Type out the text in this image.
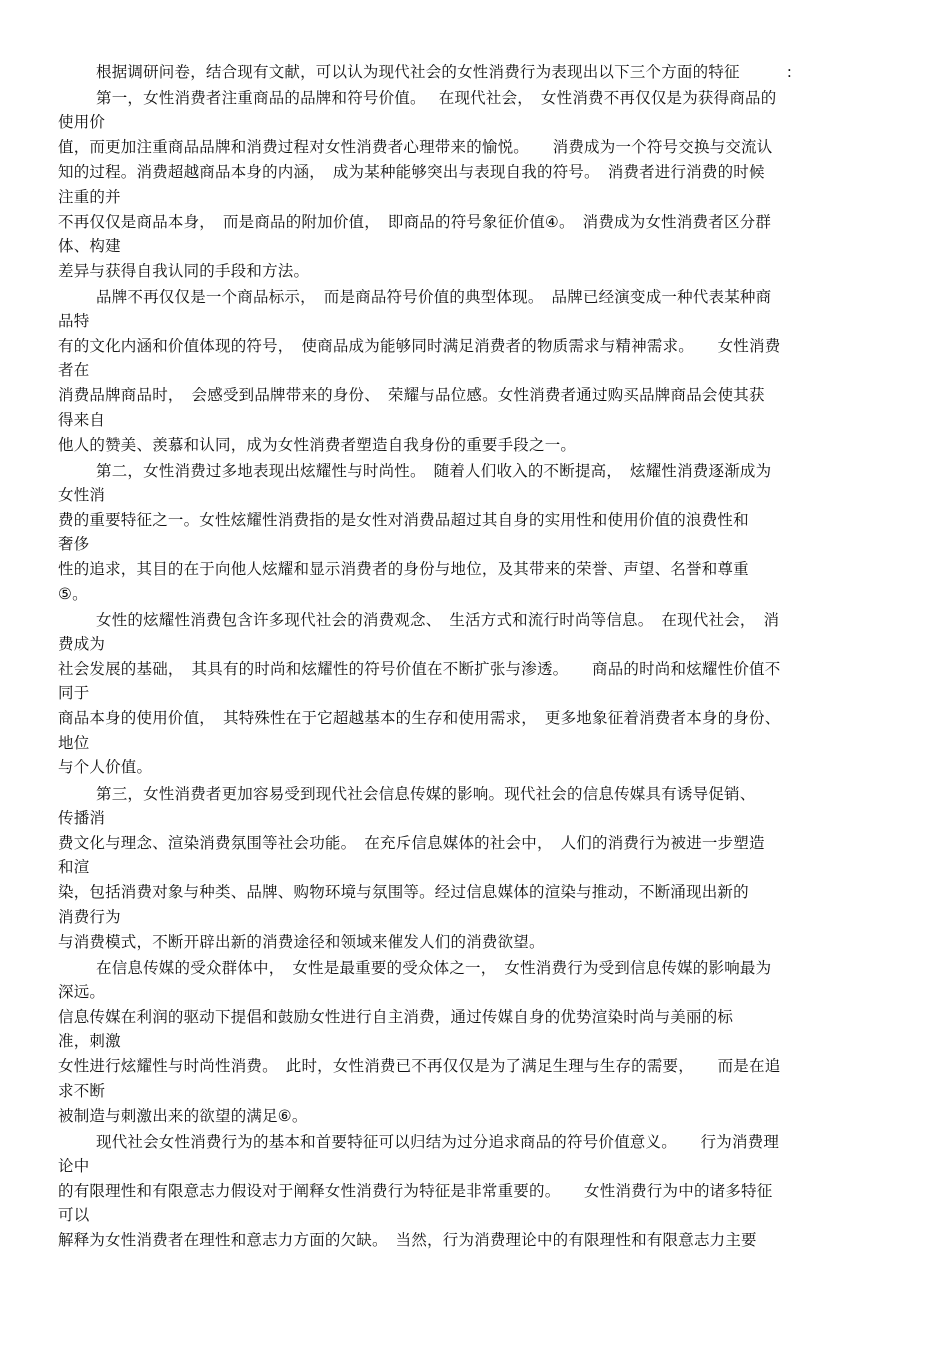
根据调研问卷，结合现有文献，可以认为现代社会的女性消费行为表现出以下三个方面的特征　　　:
第一，女性消费者注重商品的品牌和符号价值。　 在现代社会，　女性消费不再仅仅是为获得商品的
使用价
值，而更加注重商品品牌和消费过程对女性消费者心理带来的愉悦。　　消费成为一个符号交换与交流认
知的过程。消费超越商品本身的内涵，　成为某种能够突出与表现自我的符号。　消费者进行消费的时候
注重的并
不再仅仅是商品本身，　而是商品的附加价值，　即商品的符号象征价值④。　消费成为女性消费者区分群
体、构建
差异与获得自我认同的手段和方法。
品牌不再仅仅是一个商品标示，　而是商品符号价值的典型体现。　品牌已经演变成一种代表某种商
品特
有的文化内涵和价值体现的符号，　使商品成为能够同时满足消费者的物质需求与精神需求。　　女性消费
者在
消费品牌商品时，　会感受到品牌带来的身份、　荣耀与品位感。女性消费者通过购买品牌商品会使其获
得来自
他人的赞美、羡慕和认同，成为女性消费者塑造自我身份的重要手段之一。
第二，女性消费过多地表现出炫耀性与时尚性。　随着人们收入的不断提高，　炫耀性消费逐渐成为
女性消
费的重要特征之一。女性炫耀性消费指的是女性对消费品超过其自身的实用性和使用价值的浪费性和
奢侈
性的追求，其目的在于向他人炫耀和显示消费者的身份与地位，及其带来的荣誉、声望、名誉和尊重
⑤。
女性的炫耀性消费包含许多现代社会的消费观念、　生活方式和流行时尚等信息。　在现代社会，　消
费成为
社会发展的基础，　其具有的时尚和炫耀性的符号价值在不断扩张与渗透。　　商品的时尚和炫耀性价值不
同于
商品本身的使用价值，　其特殊性在于它超越基本的生存和使用需求，　更多地象征着消费者本身的身份、
地位
与个人价值。
第三，女性消费者更加容易受到现代社会信息传媒的影响。现代社会的信息传媒具有诱导促销、
传播消
费文化与理念、渲染消费氛围等社会功能。　在充斥信息媒体的社会中，　人们的消费行为被进一步塑造
和渲
染，包括消费对象与种类、品牌、购物环境与氛围等。经过信息媒体的渲染与推动，不断涌现出新的
消费行为
与消费模式，不断开辟出新的消费途径和领域来催发人们的消费欲望。
在信息传媒的受众群体中，　女性是最重要的受众体之一，　女性消费行为受到信息传媒的影响最为
深远。
信息传媒在利润的驱动下提倡和鼓励女性进行自主消费，通过传媒自身的优势渲染时尚与美丽的标
准，刺激
女性进行炫耀性与时尚性消费。　此时，女性消费已不再仅仅是为了满足生理与生存的需要，　　而是在追
求不断
被制造与刺激出来的欲望的满足⑥。
现代社会女性消费行为的基本和首要特征可以归结为过分追求商品的符号价值意义。　　行为消费理
论中
的有限理性和有限意志力假设对于阐释女性消费行为特征是非常重要的。　　女性消费行为中的诸多特征
可以
解释为女性消费者在理性和意志力方面的欠缺。　当然，行为消费理论中的有限理性和有限意志力主要
